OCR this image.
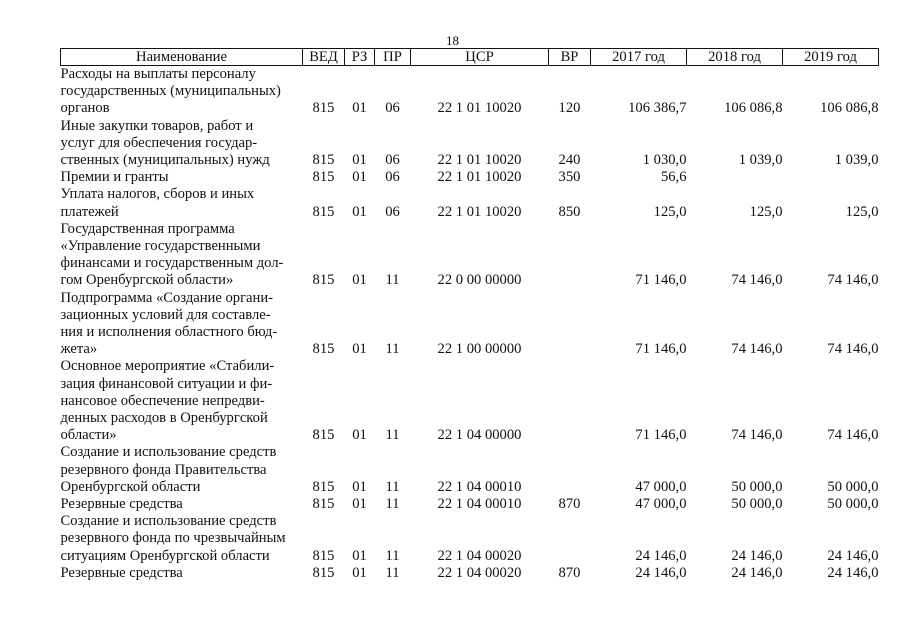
18
Наименование	ВЕД	РЗ	ПР	ЦСР	ВР	2017 год	2018 год	2019 год

Расходы на выплаты персоналу
государственных (муниципальных)
органов	815	01	06	22 1 01 10020	120	106 386,7	106 086,8	106 086,8

Иные закупки товаров, работ и
услуг для обеспечения государ-
ственных (муниципальных) нужд	815	01	06	22 1 01 10020	240	1 030,0	1 039,0	1 039,0

Премии и гранты	815	01	06	22 1 01 10020	350	56,6		

Уплата налогов, сборов и иных
платежей	815	01	06	22 1 01 10020	850	125,0	125,0	125,0

Государственная программа
«Управление государственными
финансами и государственным дол-
гом Оренбургской области»	815	01	11	22 0 00 00000		71 146,0	74 146,0	74 146,0

Подпрограмма «Создание органи-
зационных условий для составле-
ния и исполнения областного бюд-
жета»	815	01	11	22 1 00 00000		71 146,0	74 146,0	74 146,0

Основное мероприятие «Стабили-
зация финансовой ситуации и фи-
нансовое обеспечение непредви-
денных расходов в Оренбургской
области»	815	01	11	22 1 04 00000		71 146,0	74 146,0	74 146,0

Создание и использование средств
резервного фонда Правительства
Оренбургской области	815	01	11	22 1 04 00010		47 000,0	50 000,0	50 000,0

Резервные средства	815	01	11	22 1 04 00010	870	47 000,0	50 000,0	50 000,0

Создание и использование средств
резервного фонда по чрезвычайным
ситуациям Оренбургской области	815	01	11	22 1 04 00020		24 146,0	24 146,0	24 146,0

Резервные средства	815	01	11	22 1 04 00020	870	24 146,0	24 146,0	24 146,0
